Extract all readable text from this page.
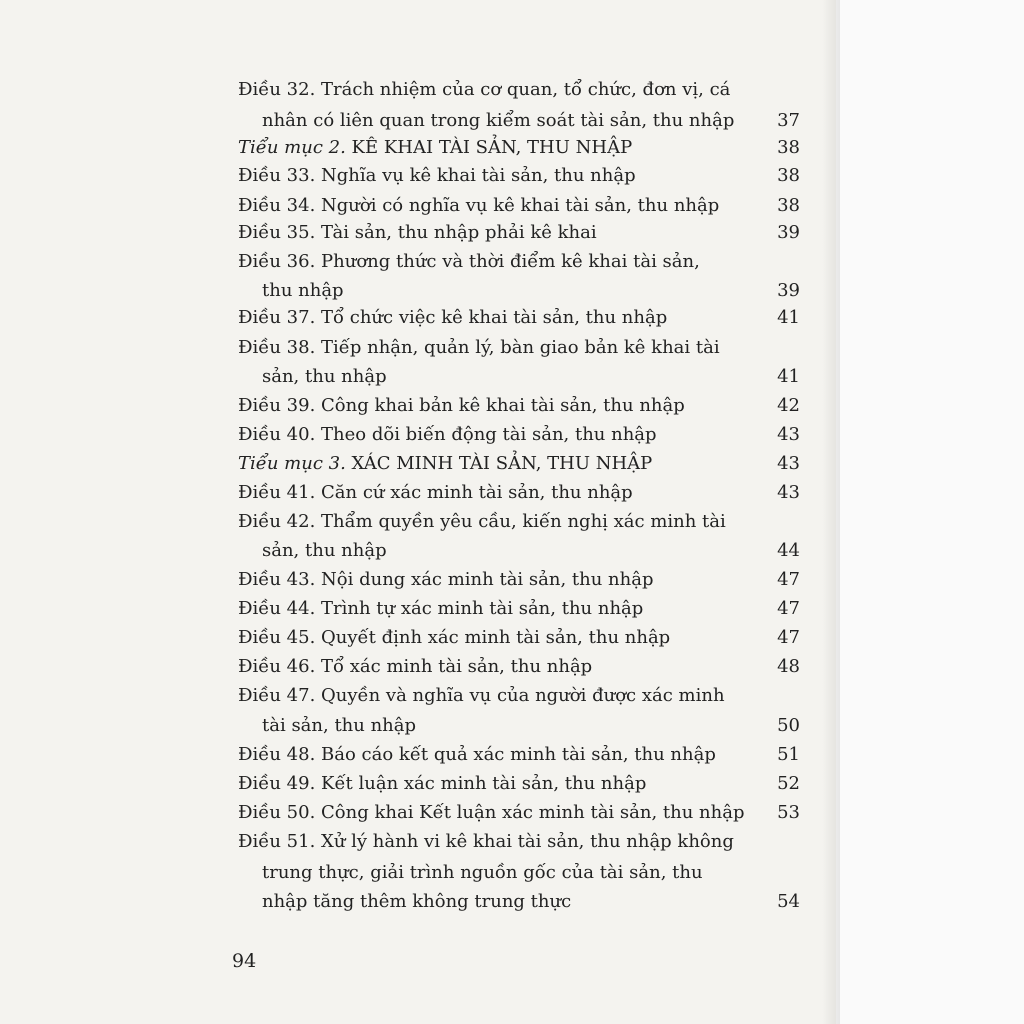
Điều 32. Trách nhiệm của cơ quan, tổ chức, đơn vị, cá
nhân có liên quan trong kiểm soát tài sản, thu nhập 37
Tiểu mục 2. KÊ KHAI TÀI SẢN, THU NHẬP	38
Điều 33. Nghĩa vụ kê khai tài sản, thu nhập	38
Điều 34. Người có nghĩa vụ kê khai tài sản, thu nhập	38
Điều 35. Tài sản, thu nhập phải kê khai	39
Điều 36. Phương thức và thời điểm kê khai tài sản,
thu nhập	39
Điều 37. Tổ chức việc kê khai tài sản, thu nhập	41
Điều 38. Tiếp nhận, quản lý, bàn giao bản kê khai tài
sản, thu nhập	41
Điều 39. Công khai bản kê khai tài sản, thu nhập	42
Điều 40. Theo dõi biến động tài sản, thu nhập	43
Tiểu mục 3. XÁC MINH TÀI SẢN, THU NHẬP	43
Điều 41. Căn cứ xác minh tài sản, thu nhập	43
Điều 42. Thẩm quyền yêu cầu, kiến nghị xác minh tài
sản, thu nhập	44
Điều 43. Nội dung xác minh tài sản, thu nhập	47
Điều 44. Trình tự xác minh tài sản, thu nhập	47
Điều 45. Quyết định xác minh tài sản, thu nhập	47
Điều 46. Tổ xác minh tài sản, thu nhập	48
Điều 47. Quyền và nghĩa vụ của người được xác minh
tài sản, thu nhập	50
Điều 48. Báo cáo kết quả xác minh tài sản, thu nhập	51
Điều 49. Kết luận xác minh tài sản, thu nhập	52
Điều 50. Công khai Kết luận xác minh tài sản, thu nhập 53
Điều 51. Xử lý hành vi kê khai tài sản, thu nhập không
trung thực, giải trình nguồn gốc của tài sản, thu
nhập tăng thêm không trung thực	54
94
